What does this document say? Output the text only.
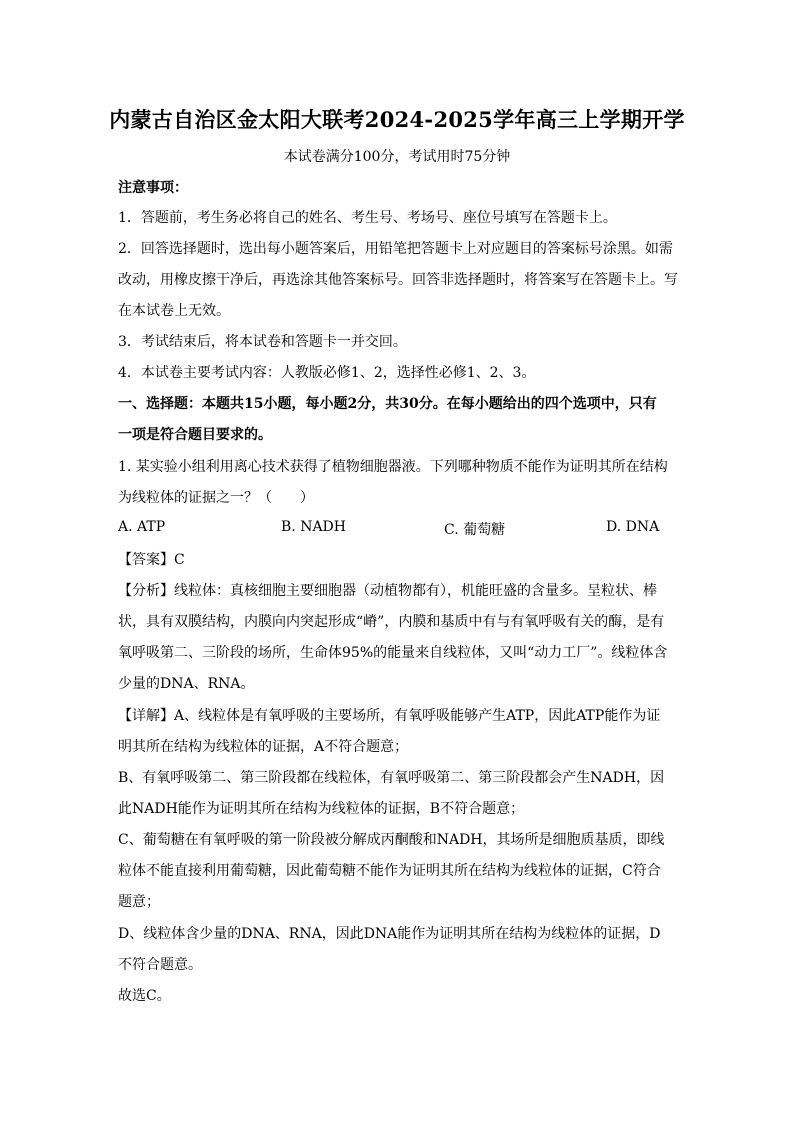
内蒙古自治区金太阳大联考2024-2025学年高三上学期开学
本试卷满分100分，考试用时75分钟
注意事项：
1．答题前，考生务必将自己的姓名、考生号、考场号、座位号填写在答题卡上。
2．回答选择题时，选出每小题答案后，用铅笔把答题卡上对应题目的答案标号涂黑。如需
改动，用橡皮擦干净后，再选涂其他答案标号。回答非选择题时，将答案写在答题卡上。写
在本试卷上无效。
3．考试结束后，将本试卷和答题卡一并交回。
4．本试卷主要考试内容：人教版必修1、2，选择性必修1、2、3。
一、选择题：本题共15小题，每小题2分，共30分。在每小题给出的四个选项中，只有
一项是符合题目要求的。
1. 某实验小组利用离心技术获得了植物细胞器液。下列哪种物质不能作为证明其所在结构
为线粒体的证据之一？（　　）
A. ATP	B. NADH	C. 葡萄糖	D. DNA
【答案】C
【分析】线粒体：真核细胞主要细胞器（动植物都有），机能旺盛的含量多。呈粒状、棒
状，具有双膜结构，内膜向内突起形成“嵴”，内膜和基质中有与有氧呼吸有关的酶，是有
氧呼吸第二、三阶段的场所，生命体95%的能量来自线粒体，又叫“动力工厂”。线粒体含
少量的DNA、RNA。
【详解】A、线粒体是有氧呼吸的主要场所，有氧呼吸能够产生ATP，因此ATP能作为证
明其所在结构为线粒体的证据，A不符合题意；
B、有氧呼吸第二、第三阶段都在线粒体，有氧呼吸第二、第三阶段都会产生NADH，因
此NADH能作为证明其所在结构为线粒体的证据，B不符合题意；
C、葡萄糖在有氧呼吸的第一阶段被分解成丙酮酸和NADH，其场所是细胞质基质，即线
粒体不能直接利用葡萄糖，因此葡萄糖不能作为证明其所在结构为线粒体的证据，C符合
题意；
D、线粒体含少量的DNA、RNA，因此DNA能作为证明其所在结构为线粒体的证据，D
不符合题意。
故选C。
